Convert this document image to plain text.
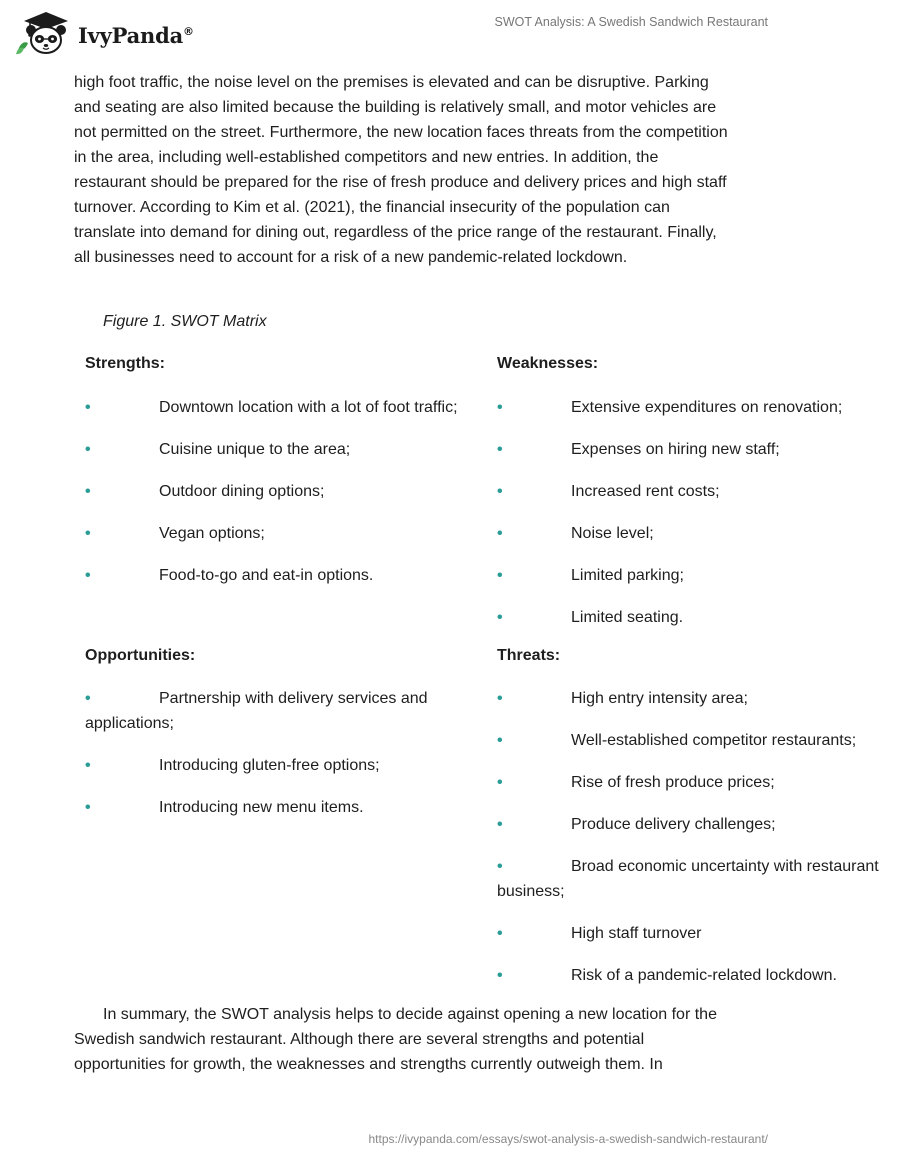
IvyPanda®
SWOT Analysis: A Swedish Sandwich Restaurant

high foot traffic, the noise level on the premises is elevated and can be disruptive. Parking and seating are also limited because the building is relatively small, and motor vehicles are not permitted on the street. Furthermore, the new location faces threats from the competition in the area, including well-established competitors and new entries. In addition, the restaurant should be prepared for the rise of fresh produce and delivery prices and high staff turnover. According to Kim et al. (2021), the financial insecurity of the population can translate into demand for dining out, regardless of the price range of the restaurant. Finally, all businesses need to account for a risk of a new pandemic-related lockdown.

Figure 1. SWOT Matrix
Strengths:
•	Downtown location with a lot of foot traffic;
•	Cuisine unique to the area;
•	Outdoor dining options;
•	Vegan options;
•	Food-to-go and eat-in options.
Weaknesses:
•	Extensive expenditures on renovation;
•	Expenses on hiring new staff;
•	Increased rent costs;
•	Noise level;
•	Limited parking;
•	Limited seating.
Opportunities:
•	Partnership with delivery services and applications;
•	Introducing gluten-free options;
•	Introducing new menu items.
Threats:
•	High entry intensity area;
•	Well-established competitor restaurants;
•	Rise of fresh produce prices;
•	Produce delivery challenges;
•	Broad economic uncertainty with restaurant business;
•	High staff turnover
•	Risk of a pandemic-related lockdown.

In summary, the SWOT analysis helps to decide against opening a new location for the Swedish sandwich restaurant. Although there are several strengths and potential opportunities for growth, the weaknesses and strengths currently outweigh them. In

https://ivypanda.com/essays/swot-analysis-a-swedish-sandwich-restaurant/
